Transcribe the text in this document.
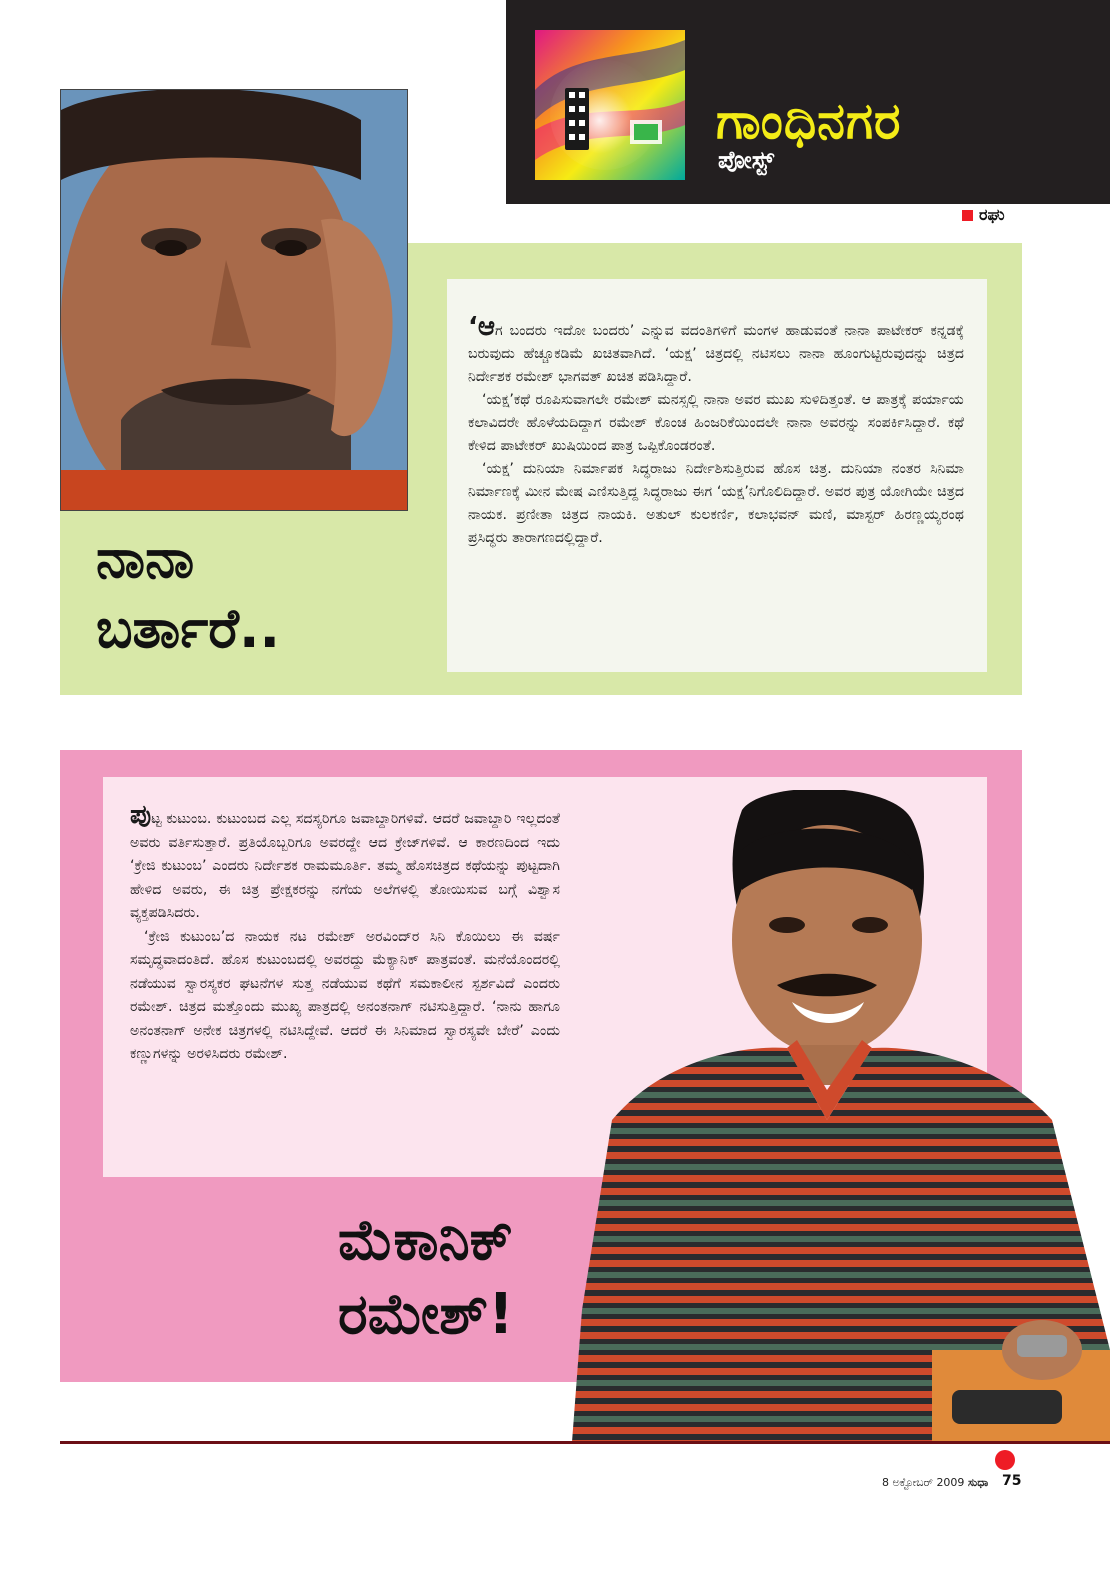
ಗಾಂಧಿನಗರ
ಪೋಸ್ಟ್
ರಘು
ನಾನಾ
ಬರ್ತಾರೆ..

‘ಆಗ ಬಂದರು ಇದೋ ಬಂದರು’ ಎನ್ನುವ ವದಂತಿಗಳಿಗೆ ಮಂಗಳ ಹಾಡುವಂತೆ ನಾನಾ ಪಾಟೇಕರ್ ಕನ್ನಡಕ್ಕೆ ಬರುವುದು ಹೆಚ್ಚೂಕಡಿಮೆ ಖಚಿತವಾಗಿದೆ. ‘ಯಕ್ಷ’ ಚಿತ್ರದಲ್ಲಿ ನಟಿಸಲು ನಾನಾ ಹೂಂಗುಟ್ಟಿರುವುದನ್ನು ಚಿತ್ರದ ನಿರ್ದೇಶಕ ರಮೇಶ್ ಭಾಗವತ್ ಖಚಿತ ಪಡಿಸಿದ್ದಾರೆ.

‘ಯಕ್ಷ’ಕಥೆ ರೂಪಿಸುವಾಗಲೇ ರಮೇಶ್ ಮನಸ್ಸಲ್ಲಿ ನಾನಾ ಅವರ ಮುಖ ಸುಳಿದಿತ್ತಂತೆ. ಆ ಪಾತ್ರಕ್ಕೆ ಪರ್ಯಾಯ ಕಲಾವಿದರೇ ಹೊಳೆಯದಿದ್ದಾಗ ರಮೇಶ್ ಕೊಂಚ ಹಿಂಜರಿಕೆಯಿಂದಲೇ ನಾನಾ ಅವರನ್ನು ಸಂಪರ್ಕಿಸಿದ್ದಾರೆ. ಕಥೆ ಕೇಳಿದ ಪಾಟೇಕರ್ ಖುಷಿಯಿಂದ ಪಾತ್ರ ಒಪ್ಪಿಕೊಂಡರಂತೆ.

‘ಯಕ್ಷ’ ದುನಿಯಾ ನಿರ್ಮಾಪಕ ಸಿದ್ಧರಾಜು ನಿರ್ದೇಶಿಸುತ್ತಿರುವ ಹೊಸ ಚಿತ್ರ. ದುನಿಯಾ ನಂತರ ಸಿನಿಮಾ ನಿರ್ಮಾಣಕ್ಕೆ ಮೀನ ಮೇಷ ಎಣಿಸುತ್ತಿದ್ದ ಸಿದ್ಧರಾಜು ಈಗ ‘ಯಕ್ಷ’ನಿಗೊಲಿದಿದ್ದಾರೆ. ಅವರ ಪುತ್ರ ಯೋಗಿಯೇ ಚಿತ್ರದ ನಾಯಕ. ಪ್ರಣೀತಾ ಚಿತ್ರದ ನಾಯಕಿ. ಅತುಲ್ ಕುಲಕರ್ಣಿ, ಕಲಾಭವನ್ ಮಣಿ, ಮಾಸ್ಟರ್ ಹಿರಣ್ಣಯ್ಯರಂಥ ಪ್ರಸಿದ್ಧರು ತಾರಾಗಣದಲ್ಲಿದ್ದಾರೆ.

ಪುಟ್ಟ ಕುಟುಂಬ. ಕುಟುಂಬದ ಎಲ್ಲ ಸದಸ್ಯರಿಗೂ ಜವಾಬ್ದಾರಿಗಳಿವೆ. ಆದರೆ ಜವಾಬ್ದಾರಿ ಇಲ್ಲದಂತೆ ಅವರು ವರ್ತಿಸುತ್ತಾರೆ. ಪ್ರತಿಯೊಬ್ಬರಿಗೂ ಅವರದ್ದೇ ಆದ ಕ್ರೇಜ್‌ಗಳಿವೆ. ಆ ಕಾರಣದಿಂದ ಇದು ‘ಕ್ರೇಜಿ ಕುಟುಂಬ’ ಎಂದರು ನಿರ್ದೇಶಕ ರಾಮಮೂರ್ತಿ. ತಮ್ಮ ಹೊಸಚಿತ್ರದ ಕಥೆಯನ್ನು ಪುಟ್ಟದಾಗಿ ಹೇಳಿದ ಅವರು, ಈ ಚಿತ್ರ ಪ್ರೇಕ್ಷಕರನ್ನು ನಗೆಯ ಅಲೆಗಳಲ್ಲಿ ತೋಯಿಸುವ ಬಗ್ಗೆ ವಿಶ್ವಾಸ ವ್ಯಕ್ತಪಡಿಸಿದರು.

‘ಕ್ರೇಜಿ ಕುಟುಂಬ’ದ ನಾಯಕ ನಟ ರಮೇಶ್ ಅರವಿಂದ್‌ರ ಸಿನಿ ಕೊಯಿಲು ಈ ವರ್ಷ ಸಮೃದ್ಧವಾದಂತಿದೆ. ಹೊಸ ಕುಟುಂಬದಲ್ಲಿ ಅವರದ್ದು ಮೆಕ್ಯಾನಿಕ್ ಪಾತ್ರವಂತೆ. ಮನೆಯೊಂದರಲ್ಲಿ ನಡೆಯುವ ಸ್ವಾರಸ್ಯಕರ ಘಟನೆಗಳ ಸುತ್ತ ನಡೆಯುವ ಕಥೆಗೆ ಸಮಕಾಲೀನ ಸ್ಪರ್ಶವಿದೆ ಎಂದರು ರಮೇಶ್. ಚಿತ್ರದ ಮತ್ತೊಂದು ಮುಖ್ಯ ಪಾತ್ರದಲ್ಲಿ ಅನಂತನಾಗ್ ನಟಿಸುತ್ತಿದ್ದಾರೆ. ‘ನಾನು ಹಾಗೂ ಅನಂತನಾಗ್ ಅನೇಕ ಚಿತ್ರಗಳಲ್ಲಿ ನಟಿಸಿದ್ದೇವೆ. ಆದರೆ ಈ ಸಿನಿಮಾದ ಸ್ವಾರಸ್ಯವೇ ಬೇರೆ’ ಎಂದು ಕಣ್ಣುಗಳನ್ನು ಅರಳಿಸಿದರು ರಮೇಶ್.

ಮೆಕಾನಿಕ್
ರಮೇಶ್!
8 ಅಕ್ಟೋಬರ್ 2009 ಸುಧಾ 75
